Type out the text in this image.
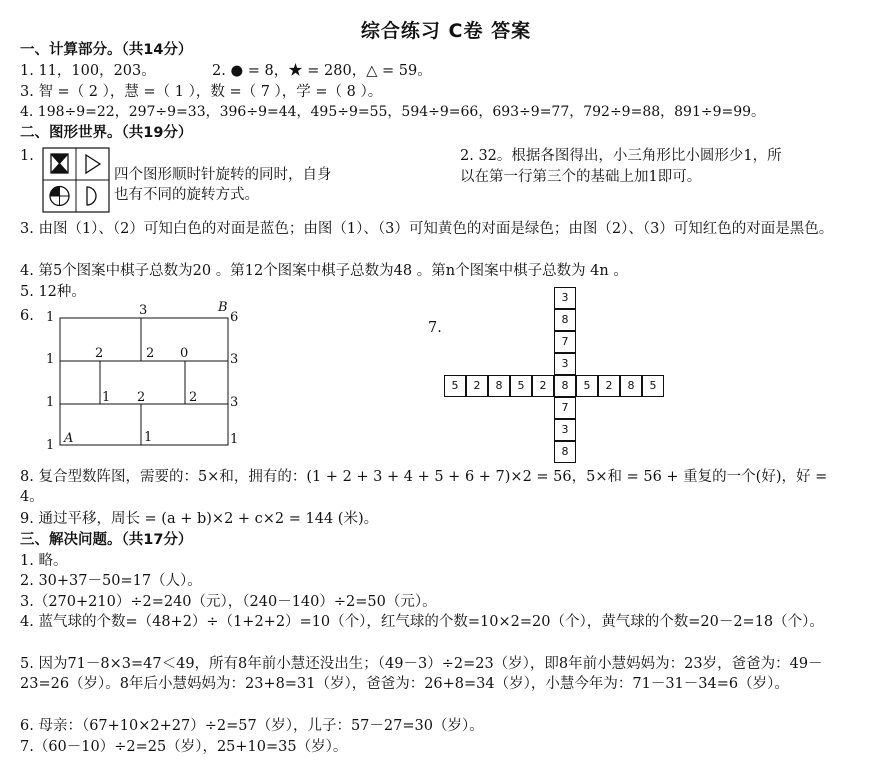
综合练习 C卷 答案
一、计算部分。（共14分）
1. 11，100，203。	2. ● = 8，★ = 280，△ = 59。
3. 智 =（ 2 ），慧 =（ 1 ），数 =（ 7 ），学 =（ 8 ）。
4. 198÷9=22，297÷9=33，396÷9=44，495÷9=55，594÷9=66，693÷9=77，792÷9=88，891÷9=99。
二、图形世界。（共19分）
1.
四个图形顺时针旋转的同时，自身
也有不同的旋转方式。
2. 32。根据各图得出，小三角形比小圆形少1，所
以在第一行第三个的基础上加1即可。
3. 由图（1）、（2）可知白色的对面是蓝色；由图（1）、（3）可知黄色的对面是绿色；由图（2）、（3）可知红色的对面是黑色。
4. 第5个图案中棋子总数为20 。第12个图案中棋子总数为48 。第n个图案中棋子总数为 4n 。
5. 12种。
6. 1
1
1
1
6
3
3
1
3	B
A
2	2 0
1 2	2
1
7.
3
8
7
3
5	2	8	5	2	8	5	2	8	5
7
3
8
8. 复合型数阵图，需要的：5×和，拥有的：(1 + 2 + 3 + 4 + 5 + 6 + 7)×2 = 56，5×和 = 56 + 重复的一个(好)，好 = 4。
9. 通过平移，周长 = (a + b)×2 + c×2 = 144 (米)。
三、解决问题。（共17分）
1. 略。
2. 30+37－50=17（人）。
3.（270+210）÷2=240（元），（240－140）÷2=50（元）。
4. 蓝气球的个数=（48+2）÷（1+2+2）=10（个），红气球的个数=10×2=20（个），黄气球的个数=20－2=18（个）。
5. 因为71－8×3=47＜49，所有8年前小慧还没出生；（49－3）÷2=23（岁），即8年前小慧妈妈为：23岁，爸爸为：49－23=26（岁）。8年后小慧妈妈为：23+8=31（岁），爸爸为：26+8=34（岁），小慧今年为：71－31－34=6（岁）。
6. 母亲：（67+10×2+27）÷2=57（岁），儿子：57－27=30（岁）。
7.（60－10）÷2=25（岁），25+10=35（岁）。
